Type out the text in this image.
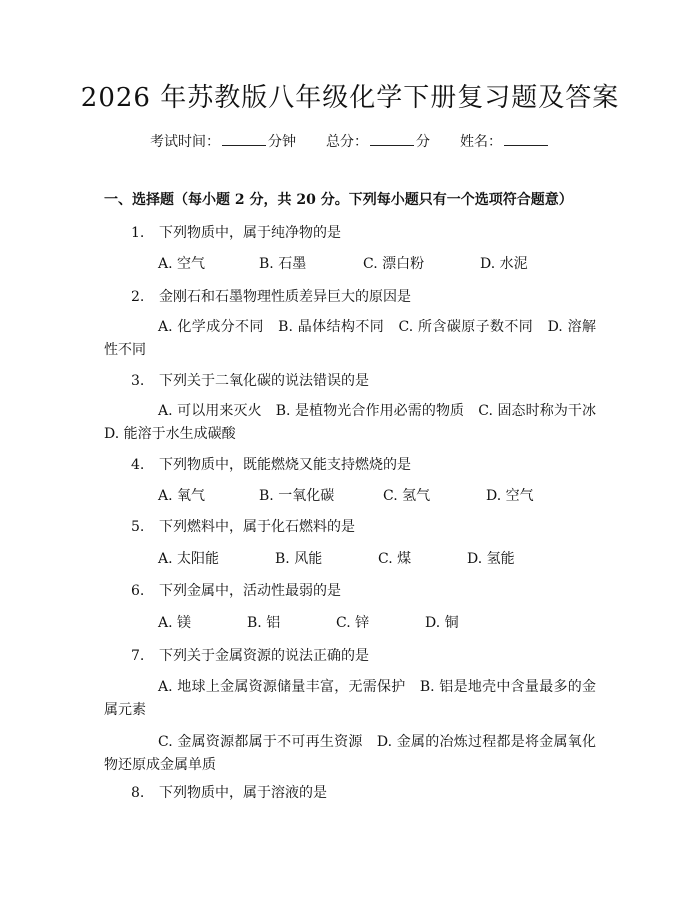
2026 年苏教版八年级化学下册复习题及答案
考试时间：	分钟 总分：	分 姓名：
一、选择题（每小题 2 分，共 20 分。下列每小题只有一个选项符合题意）
1. 下列物质中，属于纯净物的是
A. 空气	B. 石墨	C. 漂白粉	D. 水泥
2. 金刚石和石墨物理性质差异巨大的原因是
A. 化学成分不同　B. 晶体结构不同　C. 所含碳原子数不同　D. 溶解性不同
3. 下列关于二氧化碳的说法错误的是
A. 可以用来灭火　B. 是植物光合作用必需的物质　C. 固态时称为干冰　D. 能溶于水生成碳酸
4. 下列物质中，既能燃烧又能支持燃烧的是
A. 氧气	B. 一氧化碳	C. 氢气	D. 空气
5. 下列燃料中，属于化石燃料的是
A. 太阳能	B. 风能	C. 煤	D. 氢能
6. 下列金属中，活动性最弱的是
A. 镁	B. 铝	C. 锌	D. 铜
7. 下列关于金属资源的说法正确的是
A. 地球上金属资源储量丰富，无需保护　B. 铝是地壳中含量最多的金属元素
C. 金属资源都属于不可再生资源　D. 金属的冶炼过程都是将金属氧化物还原成金属单质
8. 下列物质中，属于溶液的是
